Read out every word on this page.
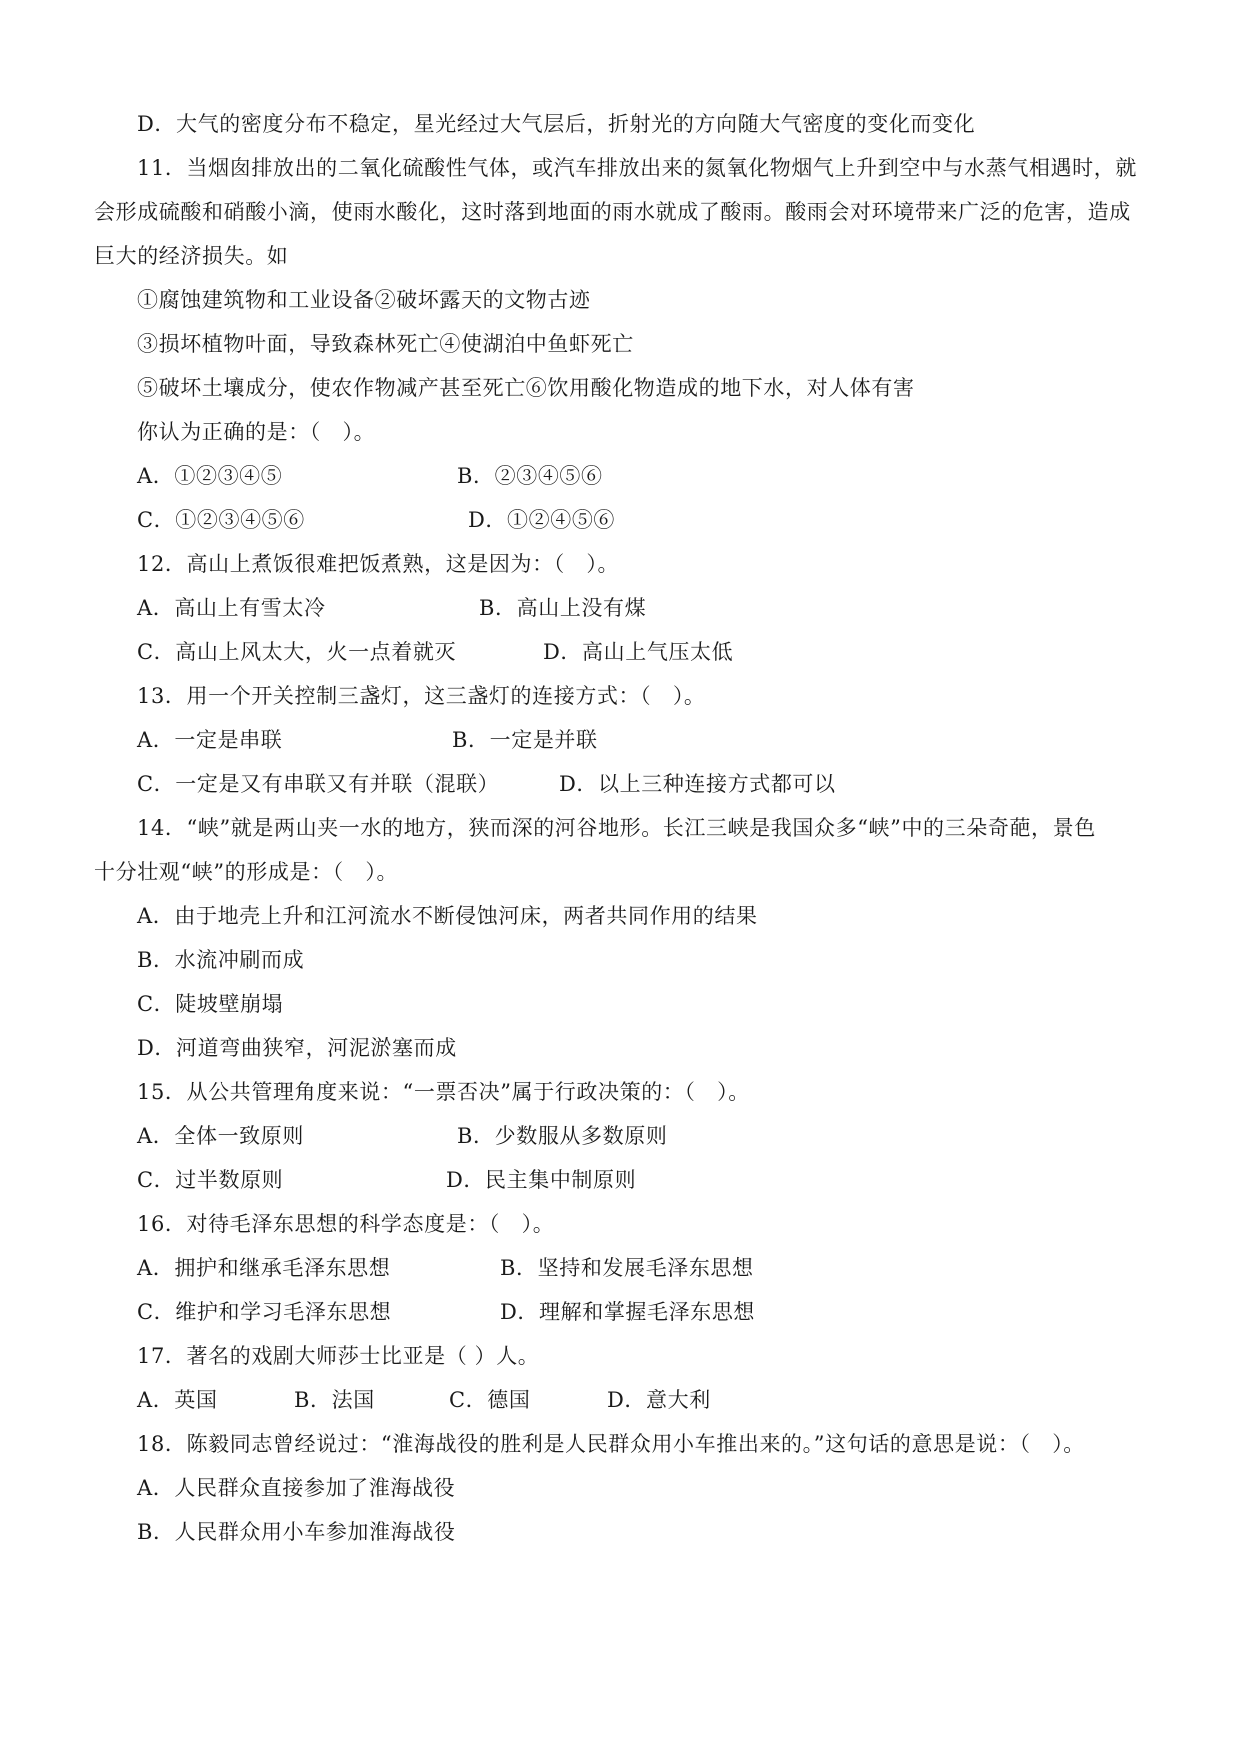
D．大气的密度分布不稳定，星光经过大气层后，折射光的方向随大气密度的变化而变化
11．当烟囱排放出的二氧化硫酸性气体，或汽车排放出来的氮氧化物烟气上升到空中与水蒸气相遇时，就
会形成硫酸和硝酸小滴，使雨水酸化，这时落到地面的雨水就成了酸雨。酸雨会对环境带来广泛的危害，造成
巨大的经济损失。如
①腐蚀建筑物和工业设备②破坏露天的文物古迹
③损坏植物叶面，导致森林死亡④使湖泊中鱼虾死亡
⑤破坏土壤成分，使农作物减产甚至死亡⑥饮用酸化物造成的地下水，对人体有害
你认为正确的是：（　）。
A．①②③④⑤	B．②③④⑤⑥
C．①②③④⑤⑥	D．①②④⑤⑥
12．高山上煮饭很难把饭煮熟，这是因为：（　）。
A．高山上有雪太冷	B．高山上没有煤
C．高山上风太大，火一点着就灭	D．高山上气压太低
13．用一个开关控制三盏灯，这三盏灯的连接方式：（　）。
A．一定是串联	B．一定是并联
C．一定是又有串联又有并联（混联）	D．以上三种连接方式都可以
14．“峡”就是两山夹一水的地方，狭而深的河谷地形。长江三峡是我国众多“峡”中的三朵奇葩，景色
十分壮观“峡”的形成是：（　）。
A．由于地壳上升和江河流水不断侵蚀河床，两者共同作用的结果
B．水流冲刷而成
C．陡坡壁崩塌
D．河道弯曲狭窄，河泥淤塞而成
15．从公共管理角度来说：“一票否决”属于行政决策的：（　）。
A．全体一致原则	B．少数服从多数原则
C．过半数原则	D．民主集中制原则
16．对待毛泽东思想的科学态度是：（　）。
A．拥护和继承毛泽东思想	B．坚持和发展毛泽东思想
C．维护和学习毛泽东思想	D．理解和掌握毛泽东思想
17．著名的戏剧大师莎士比亚是（ ）人。
A．英国	B．法国	C．德国	D．意大利
18．陈毅同志曾经说过：“淮海战役的胜利是人民群众用小车推出来的。”这句话的意思是说：（　）。
A．人民群众直接参加了淮海战役
B．人民群众用小车参加淮海战役
